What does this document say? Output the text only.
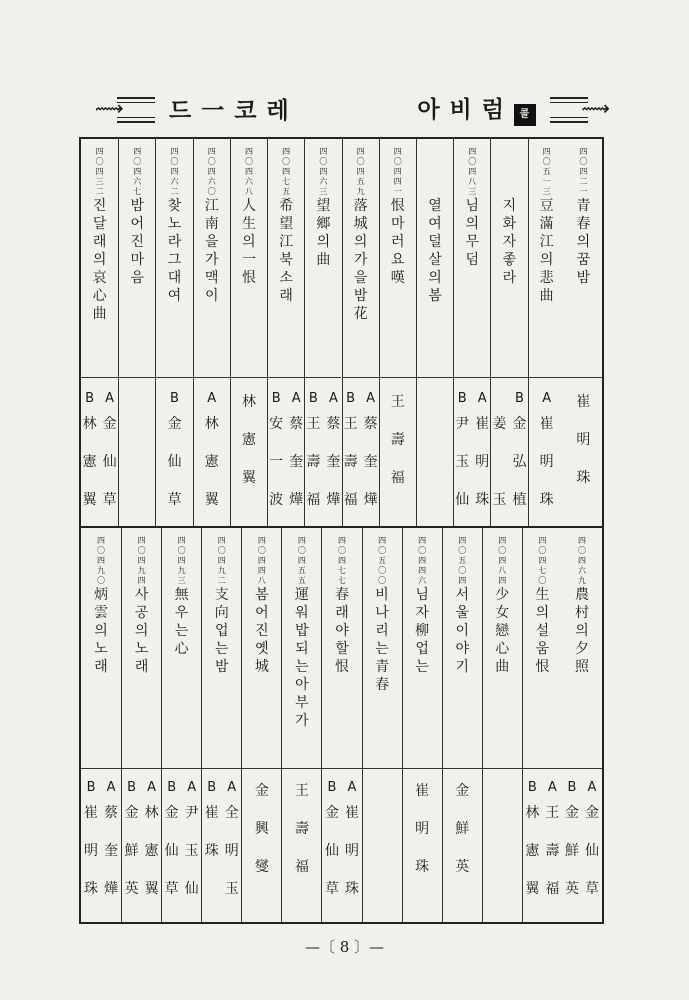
⟿	⟿
드 一 코 레	아 비 럼 콜
四
〇
四
二
一
青
春
의
꿈
밤
崔
明
珠
四
〇
五
一
三
豆
滿
江
의
悲
曲
A
崔
明
珠
지
화
자
좋
라
B
金
弘
植
姜
玉
四
〇
四
八
三
님
의
무
덤
A
崔
明
珠
B
尹
玉
仙
열
여
덜
살
의
봄
四
〇
四
四
一
恨
마
러
요
嘆
王
壽
福
四
〇
四
五
九
落
城
의
가
을
밤
花
A
蔡
奎
燁
B
王
壽
福
四
〇
四
六
三
望
鄉
의
曲
A
蔡
奎
燁
B
王
壽
福
四
〇
四
七
五
希
望
江
북
소
래
A
蔡
奎
燁
B
安
一
波
四
〇
四
六
八
人
生
의
一
恨
林
憲
翼
四
〇
四
六
〇
江
南
을
가
맥
이
A
林
憲
翼
四
〇
四
六
二
찾
노
라
그
대
여
B
金
仙
草
四
〇
四
六
七
밤
어
진
마
음
四
〇
四
三
二
진
달
래
의
哀
心
曲
A
金
仙
草
B
林
憲
翼
四
〇
四
六
九
農
村
의
夕
照
A
金
仙
草
B
金
鮮
英
四
〇
四
七
〇
生
의
설
움
恨
A
王
壽
福
B
林
憲
翼
四
〇
四
八
四
少
女
戀
心
曲
四
〇
五
〇
四
서
울
이
야
기
金
鮮
英
四
〇
四
四
六
님
자
柳
업
는
崔
明
珠
四
〇
五
〇
〇
비
나
리
는
青
春
四
〇
四
七
七
春
래
야
할
恨
A
崔
明
珠
B
金
仙
草
四
〇
四
五
五
運
워
밥
되
는
아
부
가
王
壽
福
四
〇
四
四
八
봄
어
진
옛
城
金
興
燮
四
〇
四
九
二
支
向
업
는
밤
A
全
明
玉
B
崔
珠
四
〇
四
九
三
無
우
는
心
A
尹
玉
仙
B
金
仙
草
四
〇
四
九
四
사
공
의
노
래
A
林
憲
翼
B
金
鮮
英
四
〇
四
九
〇
炳
雲
의
노
래
A
蔡
奎
燁
B
崔
明
珠
—〔 8 〕—
